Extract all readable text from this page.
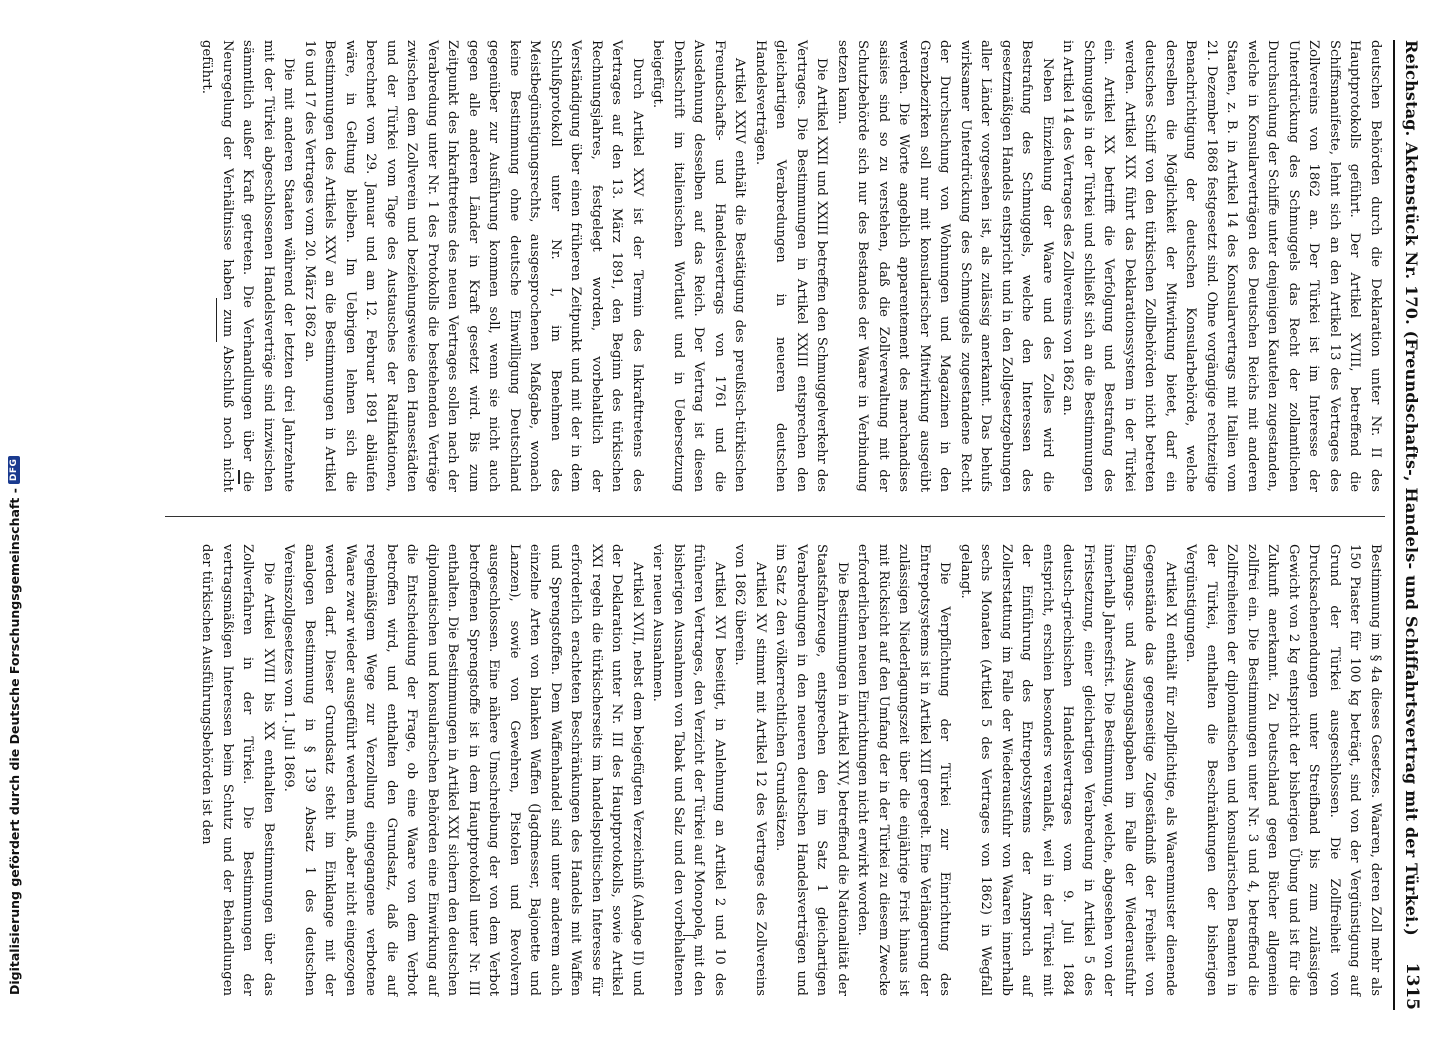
Digitalisierung gefördert durch die Deutsche Forschungsgemeinschaft -
DFG	Reichstag. Aktenstück Nr. 170. (Freundschafts-, Handels- und Schiffahrtsvertrag mit der Türkei.)
1315

deutschen Behörden durch die Deklaration unter Nr. II des Hauptprotokolls geführt. Der Artikel XVIII, betreffend die Schiffsmanifeste, lehnt sich an den Artikel 13 des Vertrages des Zollvereins von 1862 an. Der Türkei ist im Interesse der Unterdrückung des Schmuggels das Recht der zollamtlichen Durchsuchung der Schiffe unter denjenigen Kautelen zugestanden, welche in Konsularverträgen des Deutschen Reichs mit anderen Staaten, z. B. in Artikel 14 des Konsularvertrags mit Italien vom 21. Dezember 1868 festgesetzt sind. Ohne vorgängige rechtzeitige Benachrichtigung der deutschen Konsularbehörde, welche derselben die Möglichkeit der Mitwirkung bietet, darf ein deutsches Schiff von den türkischen Zollbehörden nicht betreten werden. Artikel XIX führt das Deklarationssystem in der Türkei ein. Artikel XX betrifft die Verfolgung und Bestrafung des Schmuggels in der Türkei und schließt sich an die Bestimmungen in Artikel 14 des Vertrages des Zollvereins von 1862 an.

Neben Einziehung der Waare und des Zolles wird die Bestrafung des Schmuggels, welche den Interessen des gesetzmäßigen Handels entspricht und in den Zollgesetzgebungen aller Länder vorgesehen ist, als zulässig anerkannt. Das behufs wirksamer Unterdrückung des Schmuggels zugestandene Recht der Durchsuchung von Wohnungen und Magazinen in den Grenzbezirken soll nur mit konsularischer Mitwirkung ausgeübt werden. Die Worte angeblich apparentement des marchandises saisies sind so zu verstehen, daß die Zollverwaltung mit der Schutzbehörde sich nur des Bestandes der Waare in Verbindung setzen kann.

Die Artikel XXII und XXIII betreffen den Schmuggelverkehr des Vertrages. Die Bestimmungen in Artikel XXIII entsprechen den gleichartigen Verabredungen in neueren deutschen Handelsverträgen.

Artikel XXIV enthält die Bestätigung des preußisch-türkischen Freundschafts- und Handelsvertrags von 1761 und die Ausdehnung desselben auf das Reich. Der Vertrag ist diesen Denkschrift im italienischen Wortlaut und in Uebersetzung beigefügt.

Durch Artikel XXV ist der Termin des Inkrafttretens des Vertrages auf den 13. März 1891, den Beginn des türkischen Rechnungsjahres, festgelegt worden, vorbehaltlich der Verständigung über einen früheren Zeitpunkt und mit der in dem Schlußprotokoll unter Nr. I, im Benehmen des Meistbegünstigungsrechts, ausgesprochenen Maßgabe, wonach keine Bestimmung ohne deutsche Einwilligung Deutschland gegenüber zur Ausführung kommen soll, wenn sie nicht auch gegen alle anderen Länder in Kraft gesetzt wird. Bis zum Zeitpunkt des Inkrafttretens des neuen Vertrages sollen nach der Verabredung unter Nr. 1 des Protokolls die bestehenden Verträge zwischen dem Zollverein und beziehungsweise den Hansestädten und der Türkei vom Tage des Austausches der Ratifikationen, berechnet vom 29. Januar und am 12. Februar 1891 abläufen wäre, in Geltung bleiben. Im Uebrigen lehnen sich die Bestimmungen des Artikels XXV an die Bestimmungen in Artikel 16 und 17 des Vertrages vom 20. März 1862 an.

Die mit anderen Staaten während der letzten drei Jahrzehnte mit der Türkei abgeschlossenen Handelsverträge sind inzwischen sämmtlich außer Kraft getreten. Die Verhandlungen über die Neuregelung der Verhältnisse haben zum Abschluß noch nicht geführt.

Bestimmung im § 4a dieses Gesetzes. Waaren, deren Zoll mehr als 150 Piaster für 100 kg beträgt, sind von der Vergünstigung auf Grund der Türkei ausgeschlossen. Die Zollfreiheit von Drucksachenendungen unter Streifband bis zum zulässigen Gewicht von 2 kg entspricht der bisherigen Übung und ist für die Zukunft anerkannt. Zu Deutschland gegen Bücher allgemein zollfrei ein. Die Bestimmungen unter Nr. 3 und 4, betreffend die Zollfreiheiten der diplomatischen und konsularischen Beamten in der Türkei, enthalten die Beschränkungen der bisherigen Vergünstigungen.

Artikel XI enthält für zollpflichtige, als Waarenmuster dienende Gegenstände das gegenseitige Zugeständniß der Freiheit von Eingangs- und Ausgangsabgaben im Falle der Wiederausfuhr innerhalb Jahresfrist. Die Bestimmung, welche, abgesehen von der Fristsetzung, einer gleichartigen Verabredung in Artikel 5 des deutsch-griechischen Handelsvertrages vom 9. Juli 1884 entspricht, erschien besonders veranlaßt, weil in der Türkei mit der Einführung des Entrepotsystems der Anspruch auf Zollerstattung im Falle der Wiederausfuhr von Waaren innerhalb sechs Monaten (Artikel 5 des Vertrages von 1862) in Wegfall gelangt.

Die Verpflichtung der Türkei zur Einrichtung des Entrepotsystems ist in Artikel XIII geregelt. Eine Verlängerung der zulässigen Niederlagungszeit über die einjährige Frist hinaus ist mit Rücksicht auf den Umfang der in der Türkei zu diesem Zwecke erforderlichen neuen Einrichtungen nicht erwirkt worden.

Die Bestimmungen in Artikel XIV, betreffend die Nationalität der Staatsfahrzeuge, entsprechen den im Satz 1 gleichartigen Verabredungen in den neueren deutschen Handelsverträgen und im Satz 2 den völkerrechtlichen Grundsätzen.

Artikel XV stimmt mit Artikel 12 des Vertrages des Zollvereins von 1862 überein.

Artikel XVI beseitigt, in Anlehnung an Artikel 2 und 10 des früheren Vertrages, den Verzicht der Türkei auf Monopole, mit den bisherigen Ausnahmen von Tabak und Salz und den vorbehaltenen vier neuen Ausnahmen.

Artikel XVII, nebst dem beigefügten Verzeichniß (Anlage II) und der Deklaration unter Nr. III des Hauptprotokolls, sowie Artikel XXI regeln die türkischerseits im handelspolitischen Interesse für erforderlich erachteten Beschränkungen des Handels mit Waffen und Sprengstoffen. Dem Waffenhandel sind unter anderem auch einzelne Arten von blanken Waffen (Jagdmesser, Bajonette und Lanzen), sowie von Gewehren, Pistolen und Revolvern ausgeschlossen. Eine nähere Umschreibung der von dem Verbot betroffenen Sprengstoffe ist in dem Hauptprotokoll unter Nr. III enthalten. Die Bestimmungen in Artikel XXI sichern den deutschen diplomatischen und konsularischen Behörden eine Einwirkung auf die Entscheidung der Frage, ob eine Waare von dem Verbot betroffen wird, und enthalten den Grundsatz, daß die auf regelmäßigem Wege zur Verzollung eingegangene verbotene Waare zwar wieder ausgeführt werden muß, aber nicht eingezogen werden darf. Dieser Grundsatz steht im Einklange mit der analogen Bestimmung in § 139 Absatz 1 des deutschen Vereinszollgesetzes vom 1. Juli 1869.

Die Artikel XVIII bis XX enthalten Bestimmungen über das Zollverfahren in der Türkei. Die Bestimmungen der vertragsmäßigen Interessen beim Schutz und der Behandlungen der türkischen Ausführungsbehörden ist den
